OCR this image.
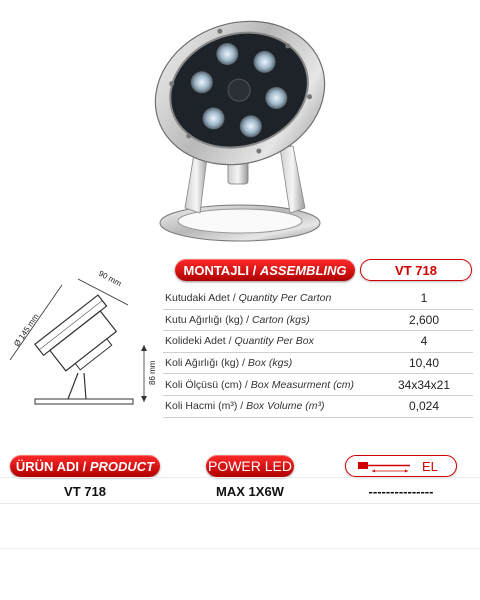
90 mm
Ø 145 mm
86 mm
MONTAJLI /
ASSEMBLING	VT 718
Kutudaki Adet / Quantity Per Carton	1
Kutu Ağırlığı (kg) / Carton (kgs)	2,600
Kolideki Adet / Quantity Per Box	4
Koli Ağırlığı (kg) / Box (kgs)	10,40
Koli Ölçüsü (cm) / Box Measurment (cm)	34x34x21
Koli Hacmi (m³) / Box Volume (m³)	0,024
ÜRÜN ADI /
PRODUCT	POWER LED	EL
VT 718	MAX 1X6W	---------------
